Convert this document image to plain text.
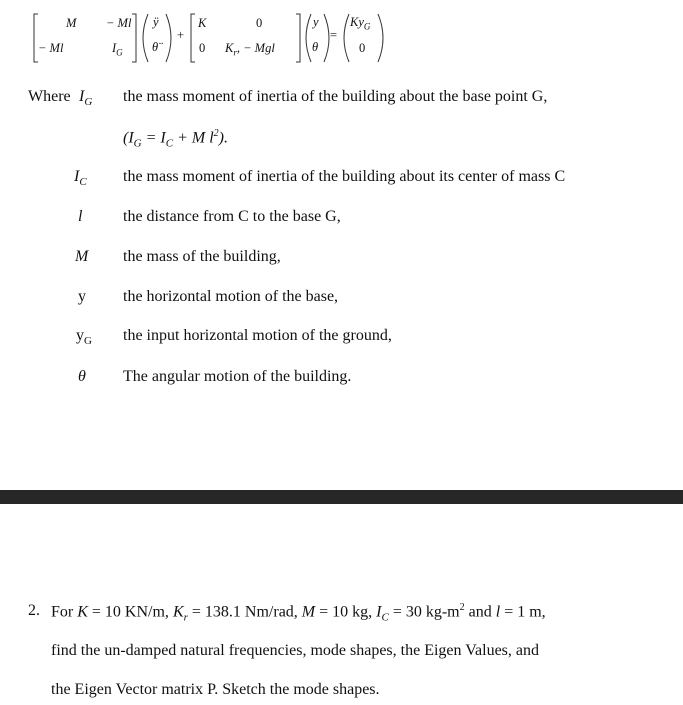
M − Ml
− Ml	$I_G$
ÿ
θ̈
+
K	0
0 $K_r$, − Mgl
y
θ
=
$Ky_G$
0
Where $I_G$ the mass moment of inertia of the building about the base point G,
($I_G = I_C + M$ $l^2$).
$I_C$ the mass moment of inertia of the building about its center of mass C
l	the distance from C to the base G,
M the mass of the building,
y the horizontal motion of the base,
$y_G$ the input horizontal motion of the ground,
θ The angular motion of the building.
2. For K = 10 KN/m, $K_r = 138.1$ Nm/rad, M = 10 kg, $I_C = 30$ $kg-m^2$ and l = 1 m,
find the un-damped natural frequencies, mode shapes, the Eigen Values, and
the Eigen Vector matrix P. Sketch the mode shapes.
